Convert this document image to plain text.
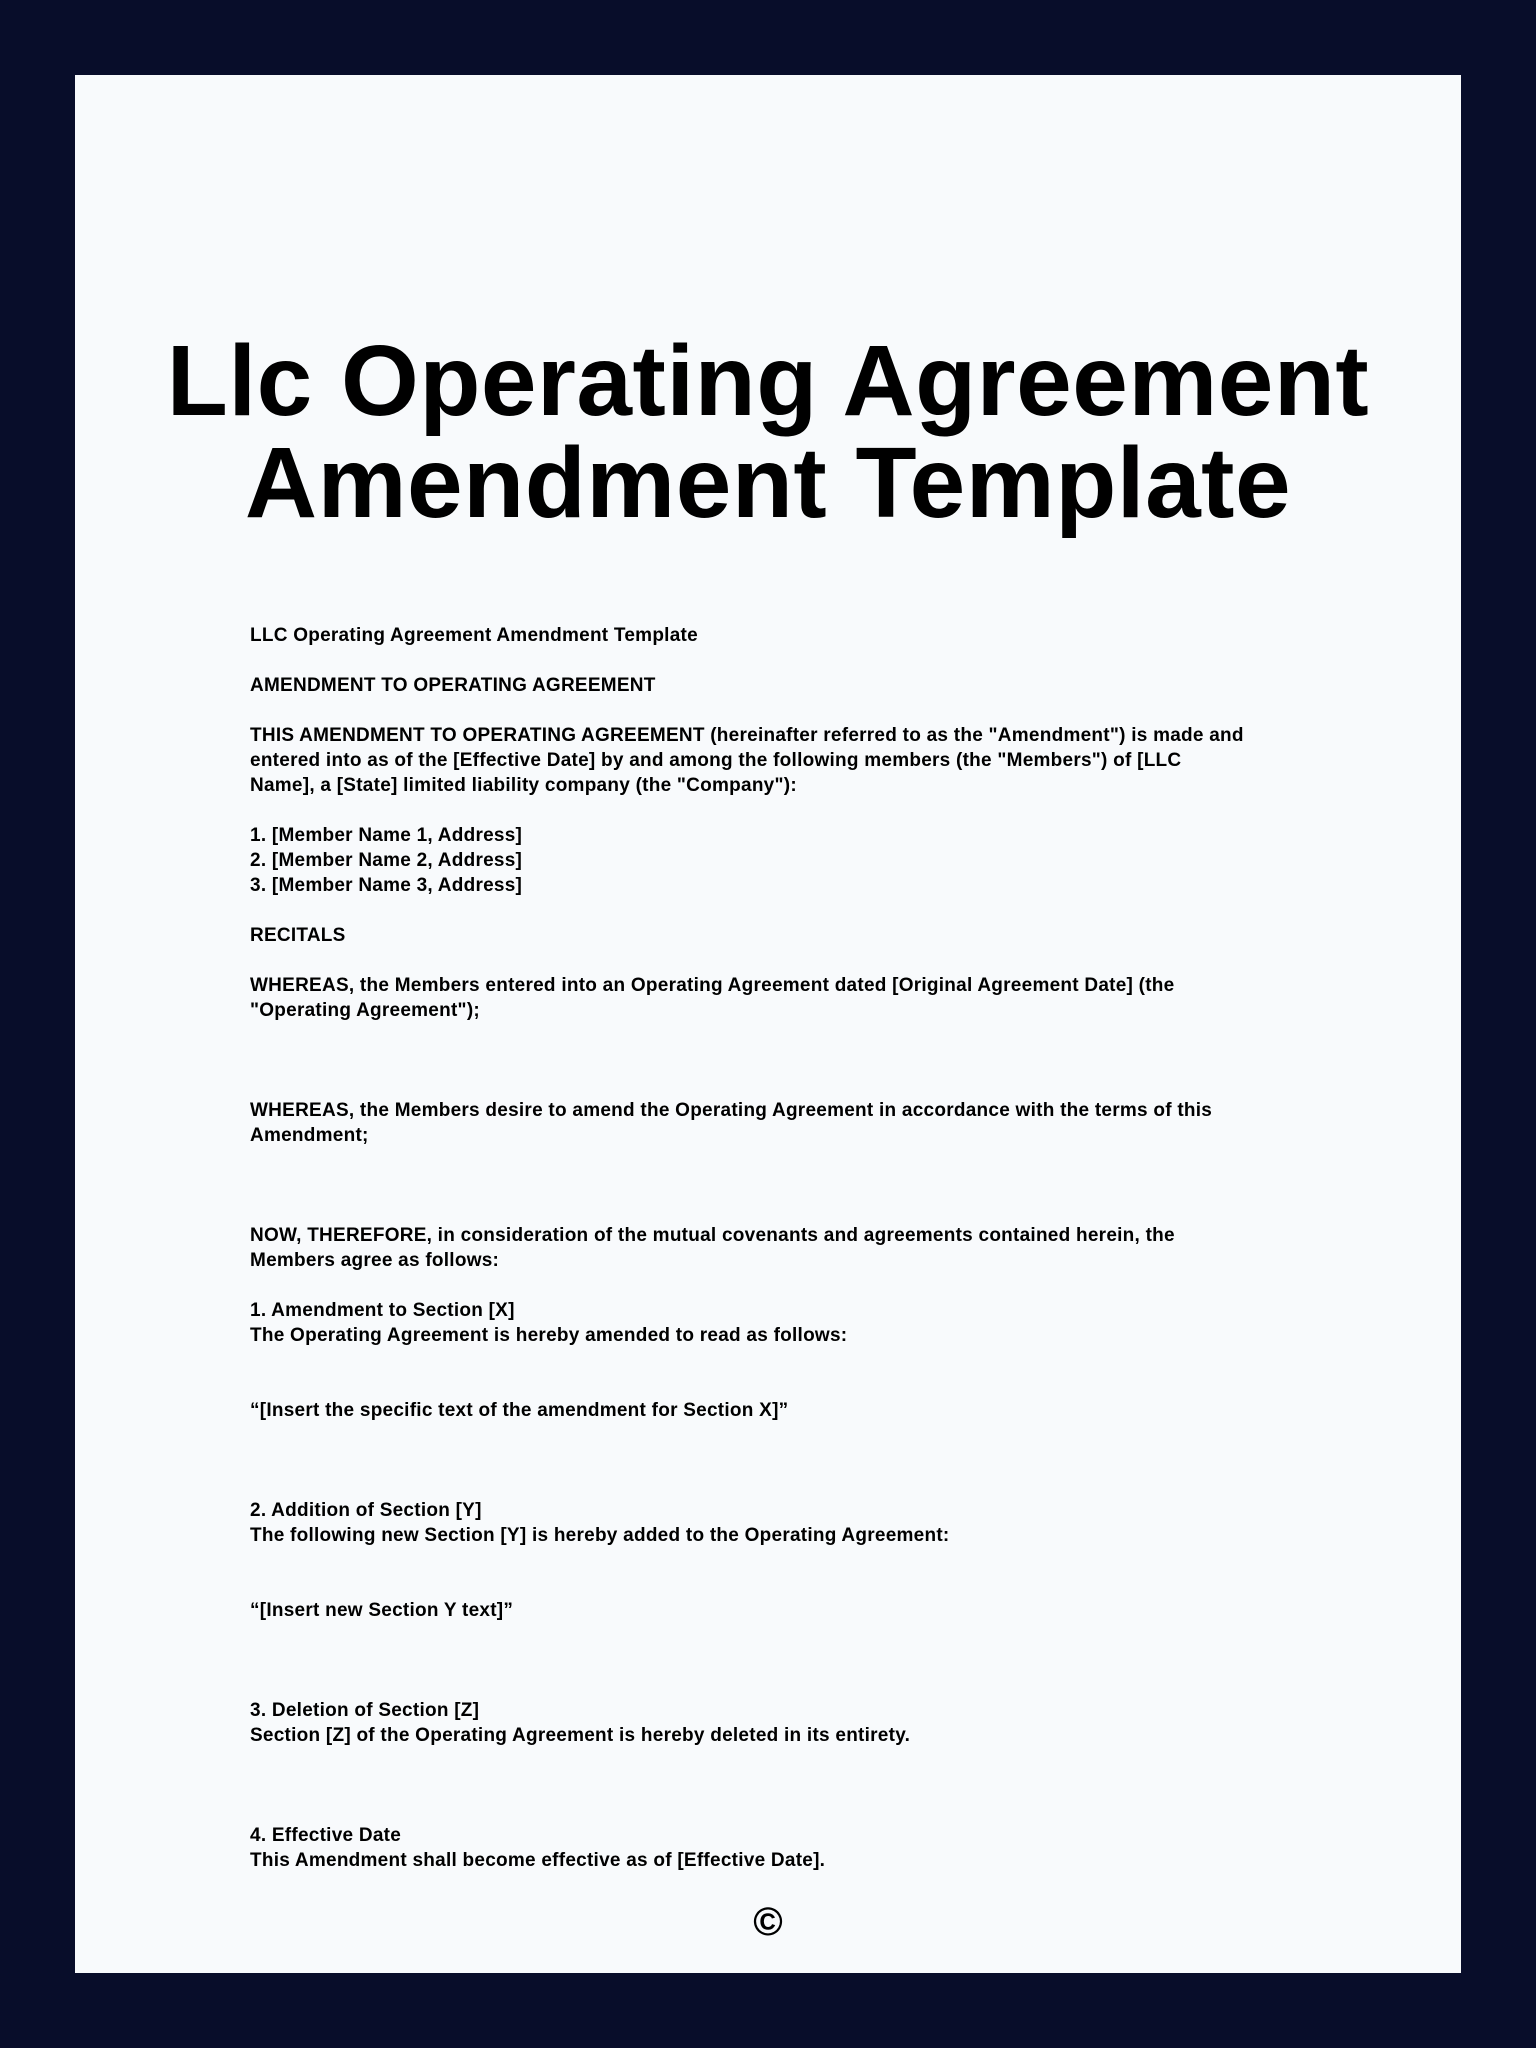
Llc Operating Agreement
Amendment Template

LLC Operating Agreement Amendment Template

AMENDMENT TO OPERATING AGREEMENT

THIS AMENDMENT TO OPERATING AGREEMENT (hereinafter referred to as the "Amendment") is made and

entered into as of the [Effective Date] by and among the following members (the "Members") of [LLC

Name], a [State] limited liability company (the "Company"):

1. [Member Name 1, Address]

2. [Member Name 2, Address]

3. [Member Name 3, Address]

RECITALS

WHEREAS, the Members entered into an Operating Agreement dated [Original Agreement Date] (the

"Operating Agreement");

WHEREAS, the Members desire to amend the Operating Agreement in accordance with the terms of this

Amendment;

NOW, THEREFORE, in consideration of the mutual covenants and agreements contained herein, the

Members agree as follows:

1. Amendment to Section [X]

The Operating Agreement is hereby amended to read as follows:

“[Insert the specific text of the amendment for Section X]”

2. Addition of Section [Y]

The following new Section [Y] is hereby added to the Operating Agreement:

“[Insert new Section Y text]”

3. Deletion of Section [Z]

Section [Z] of the Operating Agreement is hereby deleted in its entirety.

4. Effective Date

This Amendment shall become effective as of [Effective Date].

©
